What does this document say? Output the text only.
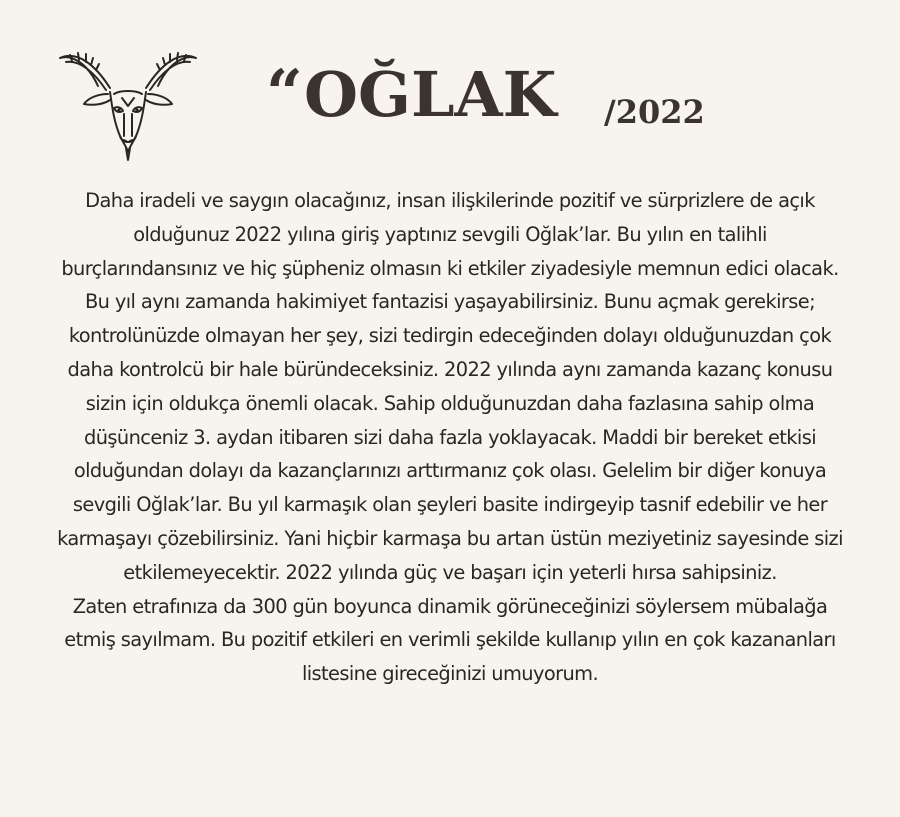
“ OĞLAK /2022
Daha iradeli ve saygın olacağınız, insan ilişkilerinde pozitif ve sürprizlere de açık
olduğunuz 2022 yılına giriş yaptınız sevgili Oğlak’lar. Bu yılın en talihli
burçlarındansınız ve hiç şüpheniz olmasın ki etkiler ziyadesiyle memnun edici olacak.
Bu yıl aynı zamanda hakimiyet fantazisi yaşayabilirsiniz. Bunu açmak gerekirse;
kontrolünüzde olmayan her şey, sizi tedirgin edeceğinden dolayı olduğunuzdan çok
daha kontrolcü bir hale büründeceksiniz. 2022 yılında aynı zamanda kazanç konusu
sizin için oldukça önemli olacak. Sahip olduğunuzdan daha fazlasına sahip olma
düşünceniz 3. aydan itibaren sizi daha fazla yoklayacak. Maddi bir bereket etkisi
olduğundan dolayı da kazançlarınızı arttırmanız çok olası. Gelelim bir diğer konuya
sevgili Oğlak’lar. Bu yıl karmaşık olan şeyleri basite indirgeyip tasnif edebilir ve her
karmaşayı çözebilirsiniz. Yani hiçbir karmaşa bu artan üstün meziyetiniz sayesinde sizi
etkilemeyecektir. 2022 yılında güç ve başarı için yeterli hırsa sahipsiniz.
Zaten etrafınıza da 300 gün boyunca dinamik görüneceğinizi söylersem mübalağa
etmiş sayılmam. Bu pozitif etkileri en verimli şekilde kullanıp yılın en çok kazananları
listesine gireceğinizi umuyorum.
